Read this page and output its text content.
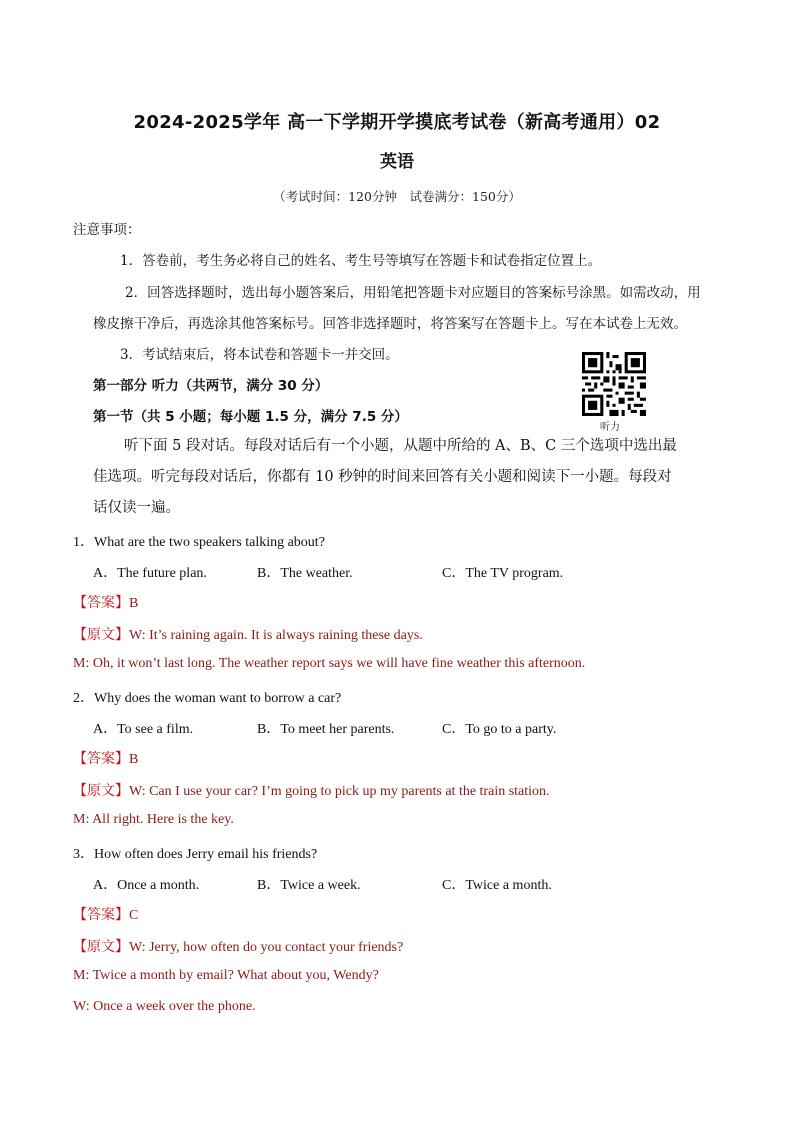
2024-2025学年 高一下学期开学摸底考试卷（新高考通用）02
英语
（考试时间：120分钟　试卷满分：150分）
注意事项：
1．答卷前，考生务必将自己的姓名、考生号等填写在答题卡和试卷指定位置上。
2．回答选择题时，选出每小题答案后，用铅笔把答题卡对应题目的答案标号涂黑。如需改动，用
橡皮擦干净后，再选涂其他答案标号。回答非选择题时，将答案写在答题卡上。写在本试卷上无效。
3．考试结束后，将本试卷和答题卡一并交回。
第一部分 听力（共两节，满分 30 分）
第一节（共 5 小题；每小题 1.5 分，满分 7.5 分）
听力
听下面 5 段对话。每段对话后有一个小题，从题中所给的 A、B、C 三个选项中选出最
佳选项。听完每段对话后，你都有 10 秒钟的时间来回答有关小题和阅读下一小题。每段对
话仅读一遍。
1．What are the two speakers talking about?
A．The future plan.	B．The weather.	C．The TV program.
【答案】B
【原文】W: It’s raining again. It is always raining these days.
M: Oh, it won’t last long. The weather report says we will have fine weather this afternoon.
2．Why does the woman want to borrow a car?
A．To see a film.	B．To meet her parents.	C．To go to a party.
【答案】B
【原文】W: Can I use your car? I’m going to pick up my parents at the train station.
M: All right. Here is the key.
3．How often does Jerry email his friends?
A．Once a month.	B．Twice a week.	C．Twice a month.
【答案】C
【原文】W: Jerry, how often do you contact your friends?
M: Twice a month by email? What about you, Wendy?
W: Once a week over the phone.
